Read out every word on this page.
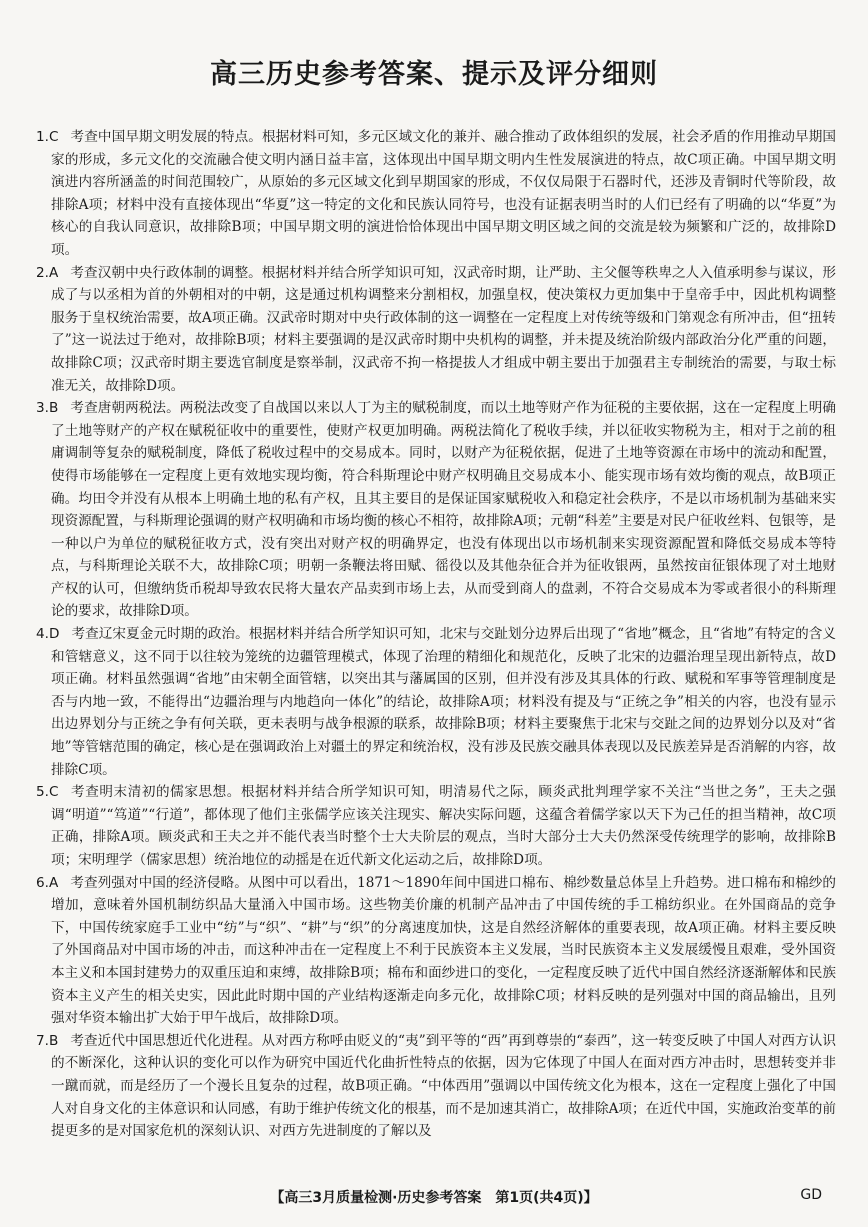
高三历史参考答案、提示及评分细则

1.C 考查中国早期文明发展的特点。根据材料可知，多元区域文化的兼并、融合推动了政体组织的发展，社会矛盾的作用推动早期国家的形成，多元文化的交流融合使文明内涵日益丰富，这体现出中国早期文明内生性发展演进的特点，故C项正确。中国早期文明演进内容所涵盖的时间范围较广，从原始的多元区域文化到早期国家的形成，不仅仅局限于石器时代，还涉及青铜时代等阶段，故排除A项；材料中没有直接体现出“华夏”这一特定的文化和民族认同符号，也没有证据表明当时的人们已经有了明确的以“华夏”为核心的自我认同意识，故排除B项；中国早期文明的演进恰恰体现出中国早期文明区域之间的交流是较为频繁和广泛的，故排除D项。

2.A 考查汉朝中央行政体制的调整。根据材料并结合所学知识可知，汉武帝时期，让严助、主父偃等秩卑之人入值承明参与谋议，形成了与以丞相为首的外朝相对的中朝，这是通过机构调整来分割相权，加强皇权，使决策权力更加集中于皇帝手中，因此机构调整服务于皇权统治需要，故A项正确。汉武帝时期对中央行政体制的这一调整在一定程度上对传统等级和门第观念有所冲击，但“扭转了”这一说法过于绝对，故排除B项；材料主要强调的是汉武帝时期中央机构的调整，并未提及统治阶级内部政治分化严重的问题，故排除C项；汉武帝时期主要选官制度是察举制，汉武帝不拘一格提拔人才组成中朝主要出于加强君主专制统治的需要，与取士标准无关，故排除D项。

3.B 考查唐朝两税法。两税法改变了自战国以来以人丁为主的赋税制度，而以土地等财产作为征税的主要依据，这在一定程度上明确了土地等财产的产权在赋税征收中的重要性，使财产权更加明确。两税法简化了税收手续，并以征收实物税为主，相对于之前的租庸调制等复杂的赋税制度，降低了税收过程中的交易成本。同时，以财产为征税依据，促进了土地等资源在市场中的流动和配置，使得市场能够在一定程度上更有效地实现均衡，符合科斯理论中财产权明确且交易成本小、能实现市场有效均衡的观点，故B项正确。均田令并没有从根本上明确土地的私有产权，且其主要目的是保证国家赋税收入和稳定社会秩序，不是以市场机制为基础来实现资源配置，与科斯理论强调的财产权明确和市场均衡的核心不相符，故排除A项；元朝“科差”主要是对民户征收丝料、包银等，是一种以户为单位的赋税征收方式，没有突出对财产权的明确界定，也没有体现出以市场机制来实现资源配置和降低交易成本等特点，与科斯理论关联不大，故排除C项；明朝一条鞭法将田赋、徭役以及其他杂征合并为征收银两，虽然按亩征银体现了对土地财产权的认可，但缴纳货币税却导致农民将大量农产品卖到市场上去，从而受到商人的盘剥，不符合交易成本为零或者很小的科斯理论的要求，故排除D项。

4.D 考查辽宋夏金元时期的政治。根据材料并结合所学知识可知，北宋与交趾划分边界后出现了“省地”概念，且“省地”有特定的含义和管辖意义，这不同于以往较为笼统的边疆管理模式，体现了治理的精细化和规范化，反映了北宋的边疆治理呈现出新特点，故D项正确。材料虽然强调“省地”由宋朝全面管辖，以突出其与藩属国的区别，但并没有涉及其具体的行政、赋税和军事等管理制度是否与内地一致，不能得出“边疆治理与内地趋向一体化”的结论，故排除A项；材料没有提及与“正统之争”相关的内容，也没有显示出边界划分与正统之争有何关联，更未表明与战争根源的联系，故排除B项；材料主要聚焦于北宋与交趾之间的边界划分以及对“省地”等管辖范围的确定，核心是在强调政治上对疆土的界定和统治权，没有涉及民族交融具体表现以及民族差异是否消解的内容，故排除C项。

5.C 考查明末清初的儒家思想。根据材料并结合所学知识可知，明清易代之际，顾炎武批判理学家不关注“当世之务”，王夫之强调“明道”“笃道”“行道”，都体现了他们主张儒学应该关注现实、解决实际问题，这蕴含着儒学家以天下为己任的担当精神，故C项正确，排除A项。顾炎武和王夫之并不能代表当时整个士大夫阶层的观点，当时大部分士大夫仍然深受传统理学的影响，故排除B项；宋明理学（儒家思想）统治地位的动摇是在近代新文化运动之后，故排除D项。

6.A 考查列强对中国的经济侵略。从图中可以看出，1871～1890年间中国进口棉布、棉纱数量总体呈上升趋势。进口棉布和棉纱的增加，意味着外国机制纺织品大量涌入中国市场。这些物美价廉的机制产品冲击了中国传统的手工棉纺织业。在外国商品的竞争下，中国传统家庭手工业中“纺”与“织”、“耕”与“织”的分离速度加快，这是自然经济解体的重要表现，故A项正确。材料主要反映了外国商品对中国市场的冲击，而这种冲击在一定程度上不利于民族资本主义发展，当时民族资本主义发展缓慢且艰难，受外国资本主义和本国封建势力的双重压迫和束缚，故排除B项；棉布和面纱进口的变化，一定程度反映了近代中国自然经济逐渐解体和民族资本主义产生的相关史实，因此此时期中国的产业结构逐渐走向多元化，故排除C项；材料反映的是列强对中国的商品输出，且列强对华资本输出扩大始于甲午战后，故排除D项。

7.B 考查近代中国思想近代化进程。从对西方称呼由贬义的“夷”到平等的“西”再到尊崇的“泰西”，这一转变反映了中国人对西方认识的不断深化，这种认识的变化可以作为研究中国近代化曲折性特点的依据，因为它体现了中国人在面对西方冲击时，思想转变并非一蹴而就，而是经历了一个漫长且复杂的过程，故B项正确。“中体西用”强调以中国传统文化为根本，这在一定程度上强化了中国人对自身文化的主体意识和认同感，有助于维护传统文化的根基，而不是加速其消亡，故排除A项；在近代中国，实施政治变革的前提更多的是对国家危机的深刻认识、对西方先进制度的了解以及

【高三3月质量检测·历史参考答案　第1页(共4页)】	GD
